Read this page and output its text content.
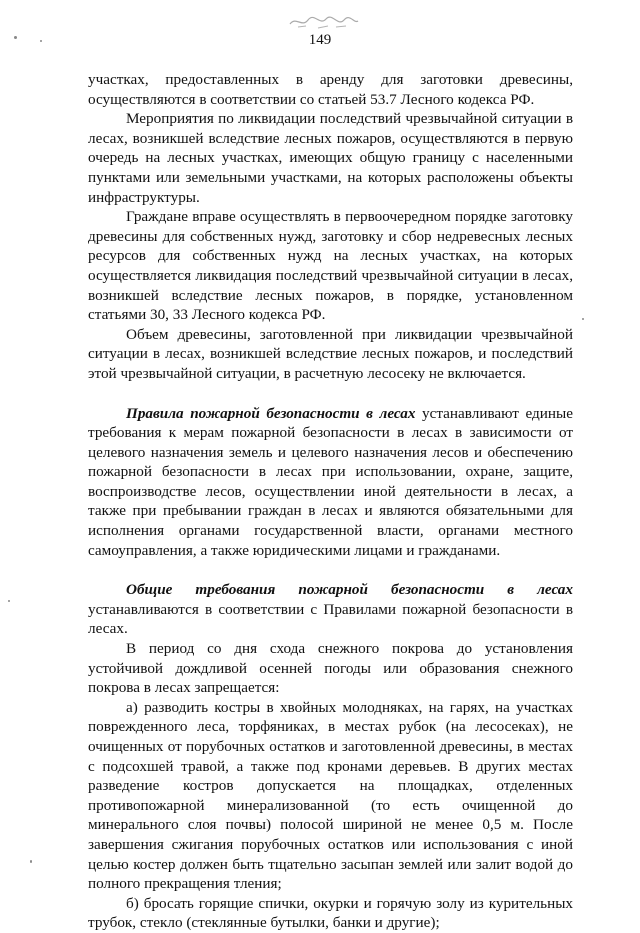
149

участках, предоставленных в аренду для заготовки древесины, осуществляются в соответствии со статьей 53.7 Лесного кодекса РФ.

Мероприятия по ликвидации последствий чрезвычайной ситуации в лесах, возникшей вследствие лесных пожаров, осуществляются в первую очередь на лесных участках, имеющих общую границу с населенными пунктами или земельными участками, на которых расположены объекты инфраструктуры.

Граждане вправе осуществлять в первоочередном порядке заготовку древесины для собственных нужд, заготовку и сбор недревесных лесных ресурсов для собственных нужд на лесных участках, на которых осуществляется ликвидация последствий чрезвычайной ситуации в лесах, возникшей вследствие лесных пожаров, в порядке, установленном статьями 30, 33 Лесного кодекса РФ.

Объем древесины, заготовленной при ликвидации чрезвычайной ситуации в лесах, возникшей вследствие лесных пожаров, и последствий этой чрезвычайной ситуации, в расчетную лесосеку не включается.

Правила пожарной безопасности в лесах устанавливают единые требования к мерам пожарной безопасности в лесах в зависимости от целевого назначения земель и целевого назначения лесов и обеспечению пожарной безопасности в лесах при использовании, охране, защите, воспроизводстве лесов, осуществлении иной деятельности в лесах, а также при пребывании граждан в лесах и являются обязательными для исполнения органами государственной власти, органами местного самоуправления, а также юридическими лицами и гражданами.

Общие требования пожарной безопасности в лесах устанавливаются в соответствии с Правилами пожарной безопасности в лесах.

В период со дня схода снежного покрова до установления устойчивой дождливой осенней погоды или образования снежного покрова в лесах запрещается:

а) разводить костры в хвойных молодняках, на гарях, на участках поврежденного леса, торфяниках, в местах рубок (на лесосеках), не очищенных от порубочных остатков и заготовленной древесины, в местах с подсохшей травой, а также под кронами деревьев. В других местах разведение костров допускается на площадках, отделенных противопожарной минерализованной (то есть очищенной до минерального слоя почвы) полосой шириной не менее 0,5 м. После завершения сжигания порубочных остатков или использования с иной целью костер должен быть тщательно засыпан землей или залит водой до полного прекращения тления;

б) бросать горящие спички, окурки и горячую золу из курительных трубок, стекло (стеклянные бутылки, банки и другие);
